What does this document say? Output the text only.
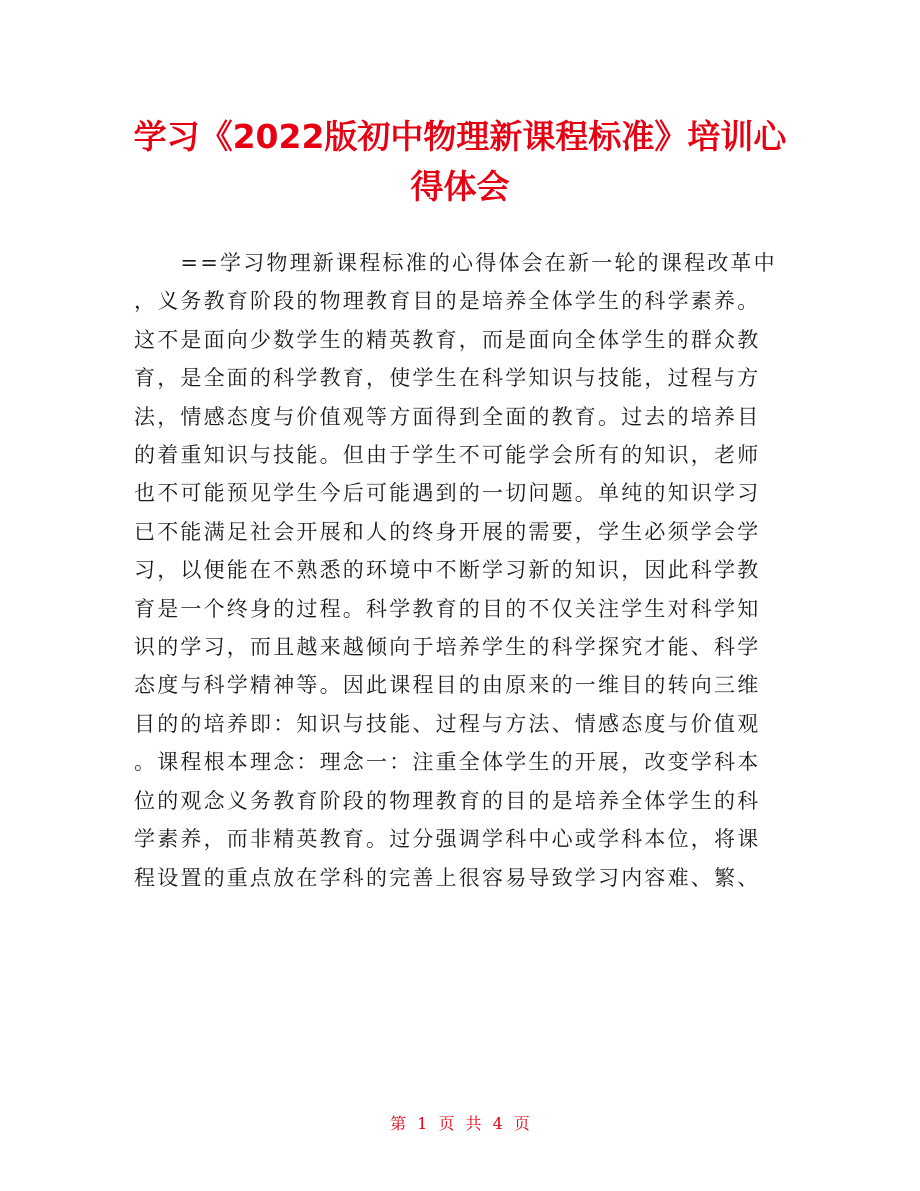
学习《2022版初中物理新课程标准》培训心得体会
　　==学习物理新课程标准的心得体会在新一轮的课程改革中
，义务教育阶段的物理教育目的是培养全体学生的科学素养。
这不是面向少数学生的精英教育，而是面向全体学生的群众教
育，是全面的科学教育，使学生在科学知识与技能，过程与方
法，情感态度与价值观等方面得到全面的教育。过去的培养目
的着重知识与技能。但由于学生不可能学会所有的知识，老师
也不可能预见学生今后可能遇到的一切问题。单纯的知识学习
已不能满足社会开展和人的终身开展的需要，学生必须学会学
习，以便能在不熟悉的环境中不断学习新的知识，因此科学教
育是一个终身的过程。科学教育的目的不仅关注学生对科学知
识的学习，而且越来越倾向于培养学生的科学探究才能、科学
态度与科学精神等。因此课程目的由原来的一维目的转向三维
目的的培养即：知识与技能、过程与方法、情感态度与价值观
。课程根本理念：理念一：注重全体学生的开展，改变学科本
位的观念义务教育阶段的物理教育的目的是培养全体学生的科
学素养，而非精英教育。过分强调学科中心或学科本位，将课
程设置的重点放在学科的完善上很容易导致学习内容难、繁、
第 1 页 共 4 页
